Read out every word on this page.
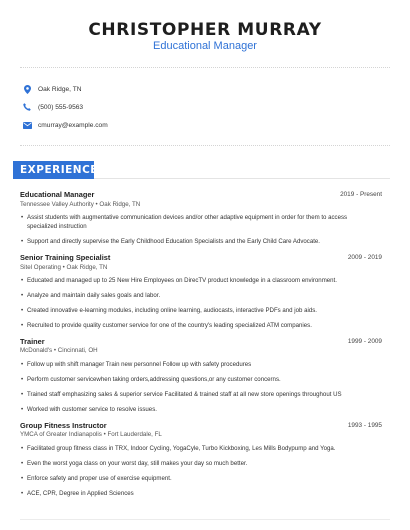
CHRISTOPHER MURRAY
Educational Manager
Oak Ridge, TN
(500) 555-9563
cmurray@example.com
EXPERIENCE
Educational Manager	2019 - Present
Tennessee Valley Authority • Oak Ridge, TN
• Assist students with augmentative communication devices and/or other adaptive equipment in order for them to access specialized instruction
• Support and directly supervise the Early Childhood Education Specialists and the Early Child Care Advocate.
Senior Training Specialist	2009 - 2019
Sitel Operating • Oak Ridge, TN
• Educated and managed up to 25 New Hire Employees on DirecTV product knowledge in a classroom environment.
• Analyze and maintain daily sales goals and labor.
• Created innovative e-learning modules, including online learning, audiocasts, interactive PDFs and job aids.
• Recruited to provide quality customer service for one of the country's leading specialized ATM companies.
Trainer	1999 - 2009
McDonald's • Cincinnati, OH
• Follow up with shift manager Train new personnel Follow up with safety procedures
• Perform customer servicewhen taking orders,addressing questions,or any customer concerns.
• Trained staff emphasizing sales & superior service Facilitated & trained staff at all new store openings throughout US
• Worked with customer service to resolve issues.
Group Fitness Instructor	1993 - 1995
YMCA of Greater Indianapolis • Fort Lauderdale, FL
• Facilitated group fitness class in TRX, Indoor Cycling, YogaCyle, Turbo Kickboxing, Les Mills Bodypump and Yoga.
• Even the worst yoga class on your worst day, still makes your day so much better.
• Enforce safety and proper use of exercise equipment.
• ACE, CPR, Degree in Applied Sciences
